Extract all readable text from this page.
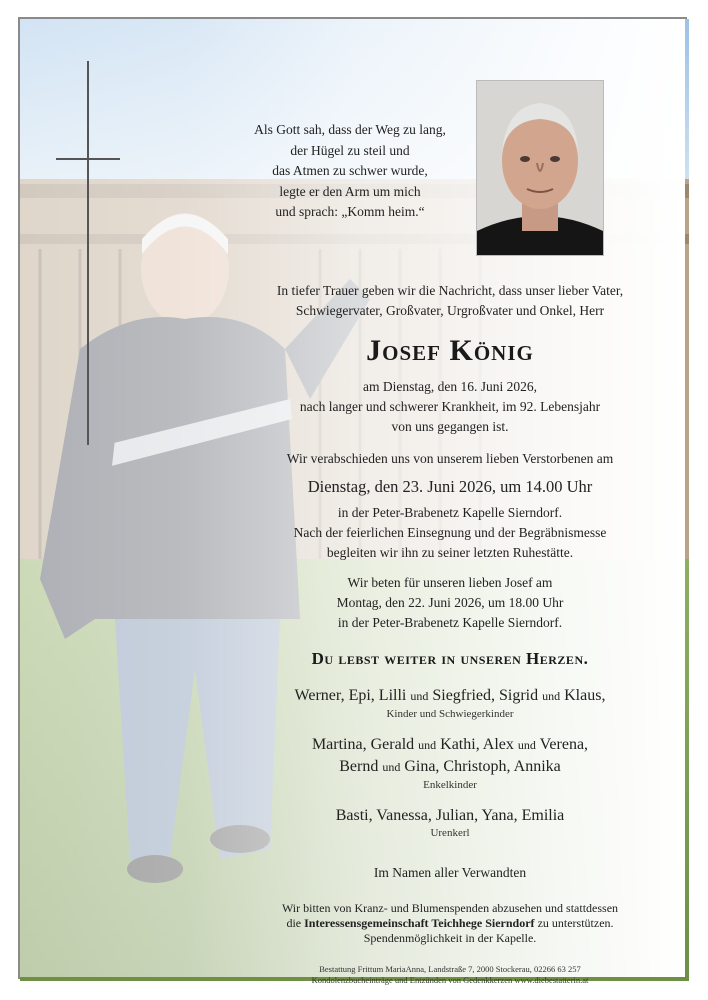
Als Gott sah, dass der Weg zu lang,
der Hügel zu steil und
das Atmen zu schwer wurde,
legte er den Arm um mich
und sprach: „Komm heim.“
In tiefer Trauer geben wir die Nachricht, dass unser lieber Vater,
Schwiegervater, Großvater, Urgroßvater und Onkel, Herr
Josef König
am Dienstag, den 16. Juni 2026,
nach langer und schwerer Krankheit, im 92. Lebensjahr
von uns gegangen ist.
Wir verabschieden uns von unserem lieben Verstorbenen am
Dienstag, den 23. Juni 2026, um 14.00 Uhr
in der Peter-Brabenetz Kapelle Sierndorf.
Nach der feierlichen Einsegnung und der Begräbnismesse
begleiten wir ihn zu seiner letzten Ruhestätte.
Wir beten für unseren lieben Josef am
Montag, den 22. Juni 2026, um 18.00 Uhr
in der Peter-Brabenetz Kapelle Sierndorf.
Du lebst weiter in unseren Herzen.
Werner, Epi, Lilli und Siegfried, Sigrid und Klaus,
Kinder und Schwiegerkinder
Martina, Gerald und Kathi, Alex und Verena,
Bernd und Gina, Christoph, Annika
Enkelkinder
Basti, Vanessa, Julian, Yana, Emilia
Urenkerl
Im Namen aller Verwandten
Wir bitten von Kranz- und Blumenspenden abzusehen und stattdessen
die Interessensgemeinschaft Teichhege Sierndorf zu unterstützen.
Spendenmöglichkeit in der Kapelle.
Bestattung Frittum MariaAnna, Landstraße 7, 2000 Stockerau, 02266 63 257
Kondolenzbucheinträge und Entzünden von Gedenkkerzen www.diebestatterin.at
